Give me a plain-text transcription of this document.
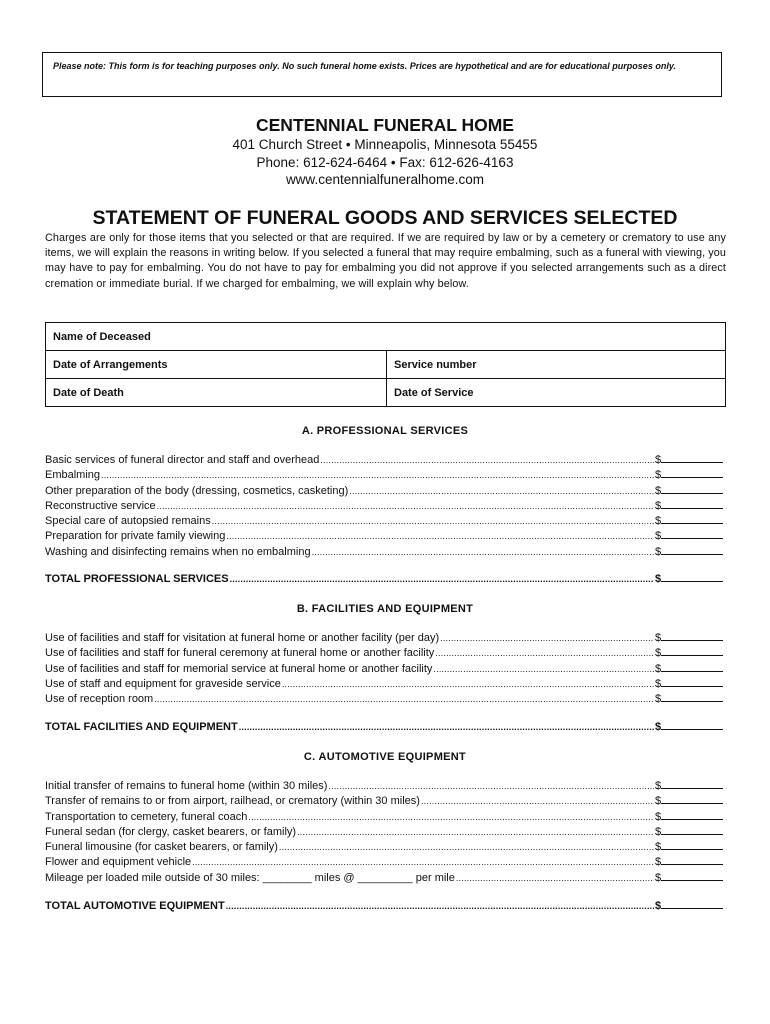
Please note: This form is for teaching purposes only. No such funeral home exists. Prices are hypothetical and are for educational purposes only.
CENTENNIAL FUNERAL HOME
401 Church Street • Minneapolis, Minnesota 55455
Phone: 612-624-6464 • Fax: 612-626-4163
www.centennialfuneralhome.com
STATEMENT OF FUNERAL GOODS AND SERVICES SELECTED
Charges are only for those items that you selected or that are required. If we are required by law or by a cemetery or crematory to use any items, we will explain the reasons in writing below. If you selected a funeral that may require embalming, such as a funeral with viewing, you may have to pay for embalming. You do not have to pay for embalming you did not approve if you selected arrangements such as a direct cremation or immediate burial. If we charged for embalming, we will explain why below.
Name of Deceased
Date of Arrangements	Service number
Date of Death	Date of Service
A. PROFESSIONAL SERVICES
Basic services of funeral director and staff and overhead .....	$
Embalming .....	$
Other preparation of the body (dressing, cosmetics, casketing) .....	$
Reconstructive service .....	$
Special care of autopsied remains .....	$
Preparation for private family viewing .....	$
Washing and disinfecting remains when no embalming .....	$
TOTAL PROFESSIONAL SERVICES .....	$
B. FACILITIES AND EQUIPMENT
Use of facilities and staff for visitation at funeral home or another facility (per day) .....	$
Use of facilities and staff for funeral ceremony at funeral home or another facility .....	$
Use of facilities and staff for memorial service at funeral home or another facility .....	$
Use of staff and equipment for graveside service .....	$
Use of reception room .....	$
TOTAL FACILITIES AND EQUIPMENT .....	$
C. AUTOMOTIVE EQUIPMENT
Initial transfer of remains to funeral home (within 30 miles) .....	$
Transfer of remains to or from airport, railhead, or crematory (within 30 miles) .....	$
Transportation to cemetery, funeral coach .....	$
Funeral sedan (for clergy, casket bearers, or family) .....	$
Funeral limousine (for casket bearers, or family) .....	$
Flower and equipment vehicle .....	$
Mileage per loaded mile outside of 30 miles: ________ miles @ _________ per mile .....	$
TOTAL AUTOMOTIVE EQUIPMENT .....	$
